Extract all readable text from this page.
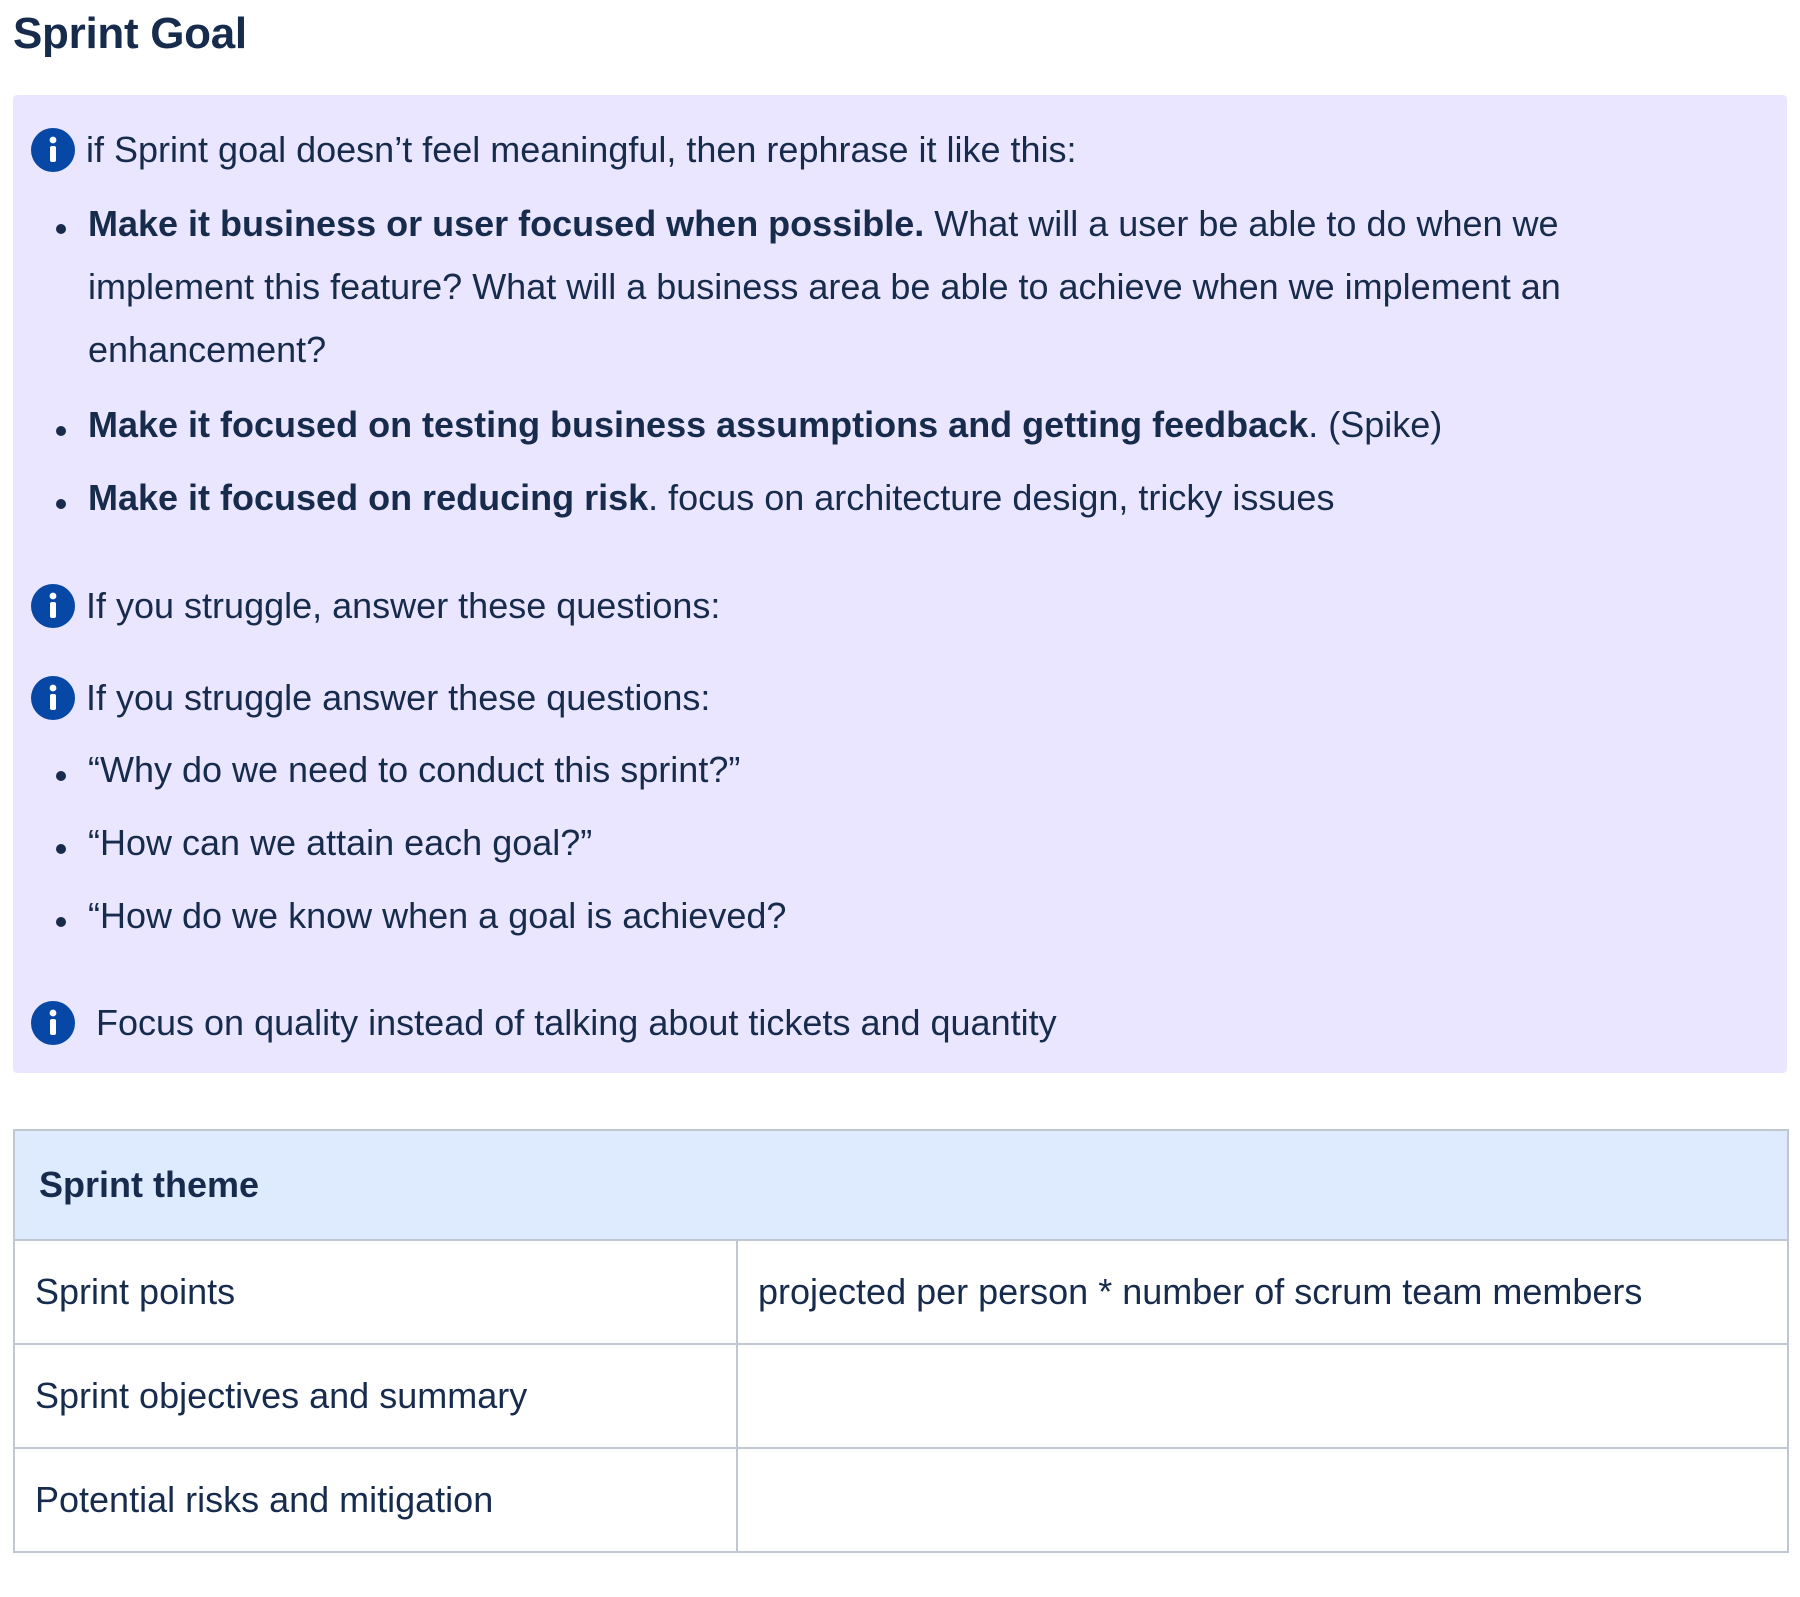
Sprint Goal
if Sprint goal doesn’t feel meaningful, then rephrase it like this:
Make it business or user focused when possible. What will a user be able to do when we
implement this feature? What will a business area be able to achieve when we implement an
enhancement?
Make it focused on testing business assumptions and getting feedback. (Spike)
Make it focused on reducing risk. focus on architecture design, tricky issues
If you struggle, answer these questions:
If you struggle answer these questions:
“Why do we need to conduct this sprint?”
“How can we attain each goal?”
“How do we know when a goal is achieved?
Focus on quality instead of talking about tickets and quantity
Sprint theme	
Sprint points	projected per person * number of scrum team members
Sprint objectives and summary	
Potential risks and mitigation	
